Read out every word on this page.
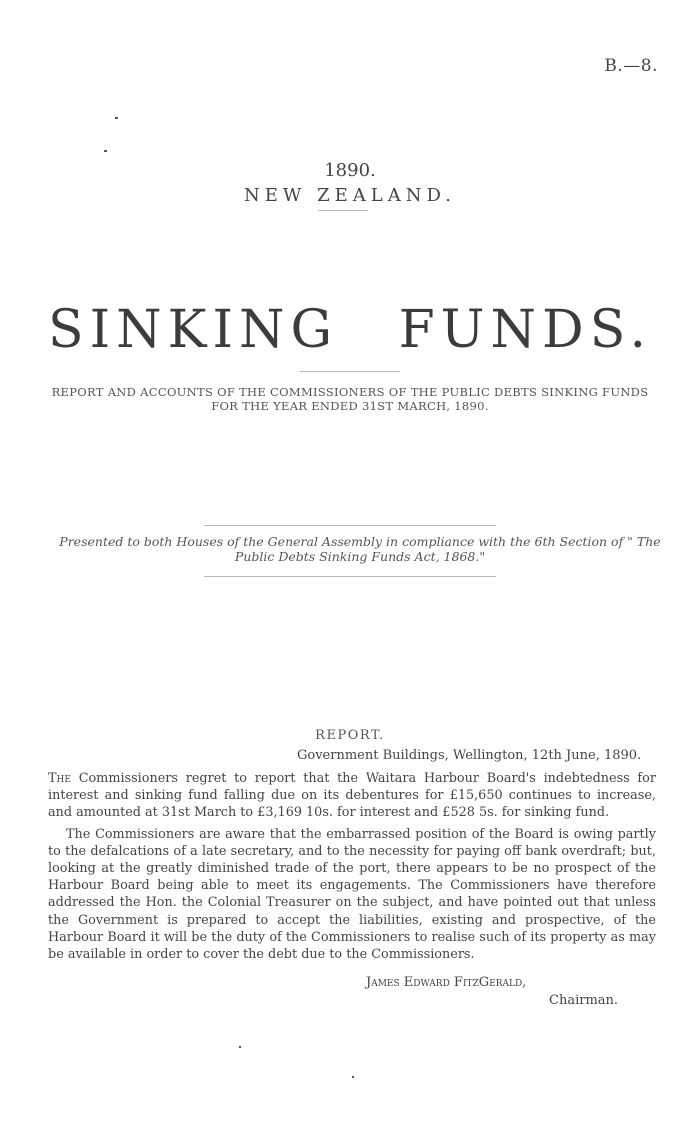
B.—8.
1890.
NEW ZEALAND.
SINKING FUNDS.
REPORT AND ACCOUNTS OF THE COMMISSIONERS OF THE PUBLIC DEBTS SINKING FUNDS
FOR THE YEAR ENDED 31ST MARCH, 1890.
Presented to both Houses of the General Assembly in compliance with the 6th Section of " The
Public Debts Sinking Funds Act, 1868."
REPORT.
Government Buildings, Wellington, 12th June, 1890.

The Commissioners regret to report that the Waitara Harbour Board's indebtedness for interest and sinking fund falling due on its debentures for £15,650 continues to increase, and amounted at 31st March to £3,169 10s. for interest and £528 5s. for sinking fund.

The Commissioners are aware that the embarrassed position of the Board is owing partly to the defalcations of a late secretary, and to the necessity for paying off bank overdraft; but, looking at the greatly diminished trade of the port, there appears to be no prospect of the Harbour Board being able to meet its engagements. The Commissioners have therefore addressed the Hon. the Colonial Treasurer on the subject, and have pointed out that unless the Government is prepared to accept the liabilities, existing and prospective, of the Harbour Board it will be the duty of the Commissioners to realise such of its property as may be available in order to cover the debt due to the Commissioners.

James Edward FitzGerald,
Chairman.
